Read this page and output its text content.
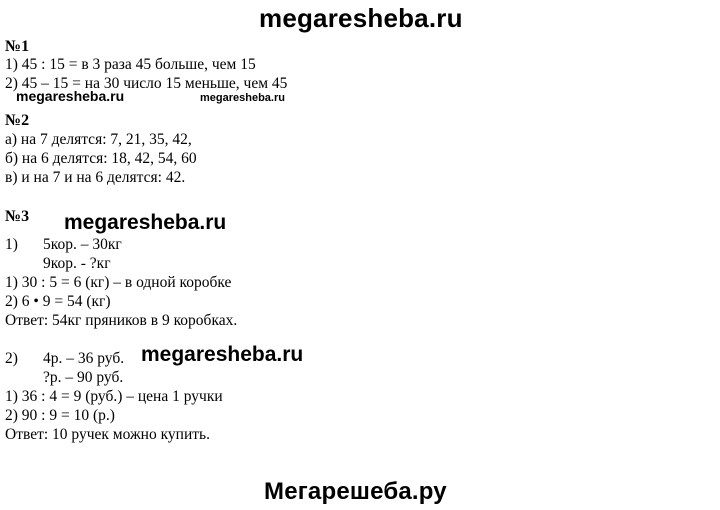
megaresheba.ru
№1
1) 45 : 15 = в 3 раза 45 больше, чем 15
2) 45 – 15 = на 30 число 15 меньше, чем 45
megaresheba.ru	megaresheba.ru
№2
а) на 7 делятся: 7, 21, 35, 42,
б) на 6 делятся: 18, 42, 54, 60
в) и на 7 и на 6 делятся: 42.
№3 megaresheba.ru
1) 5кор. – 30кг
9кор. - ?кг
1) 30 : 5 = 6 (кг) – в одной коробке
2) 6 • 9 = 54 (кг)
Ответ: 54кг пряников в 9 коробках.
2) 4р. – 36 руб. megaresheba.ru
?р. – 90 руб.
1) 36 : 4 = 9 (руб.) – цена 1 ручки
2) 90 : 9 = 10 (р.)
Ответ: 10 ручек можно купить.
Мегарешеба.ру
